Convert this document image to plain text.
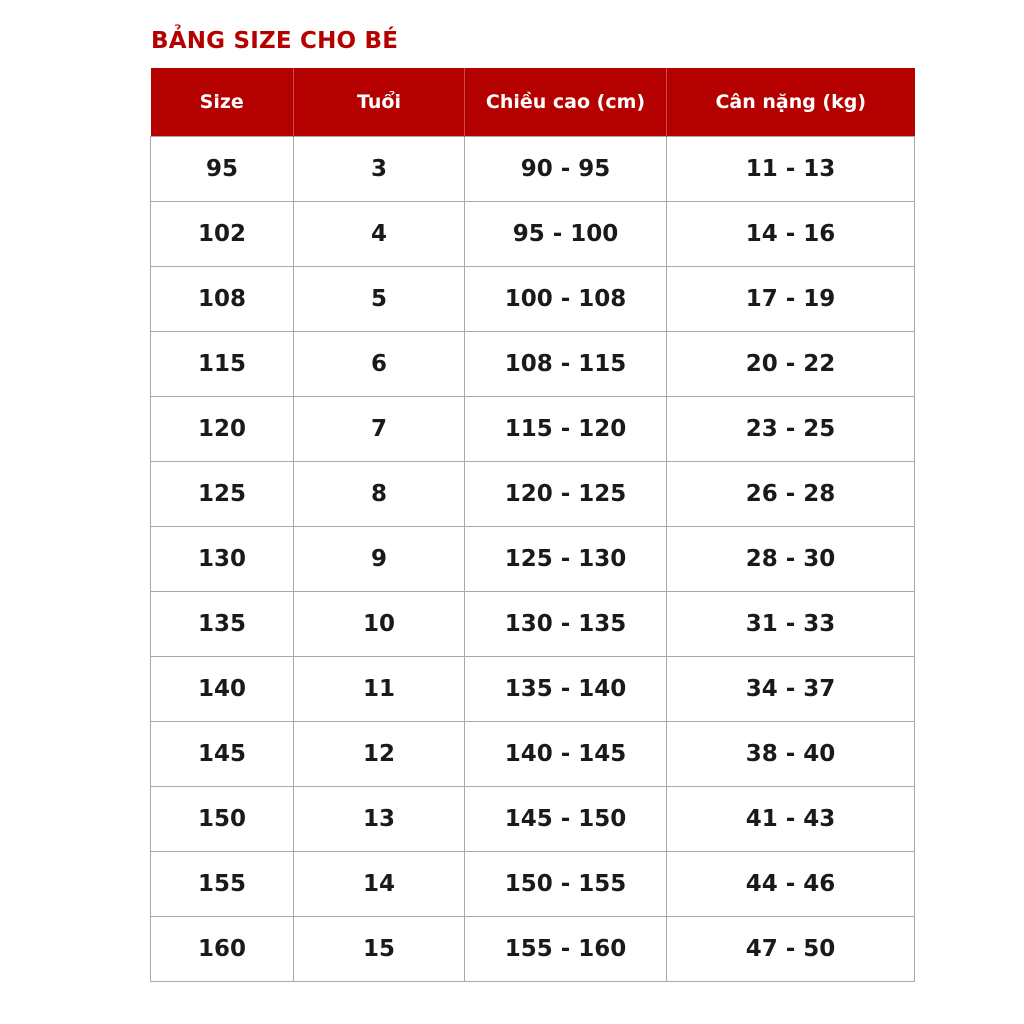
BẢNG SIZE CHO BÉ
Size	Tuổi	Chiều cao (cm)	Cân nặng (kg)
95	3	90 - 95	11 - 13
102	4	95 - 100	14 - 16
108	5	100 - 108	17 - 19
115	6	108 - 115	20 - 22
120	7	115 - 120	23 - 25
125	8	120 - 125	26 - 28
130	9	125 - 130	28 - 30
135	10	130 - 135	31 - 33
140	11	135 - 140	34 - 37
145	12	140 - 145	38 - 40
150	13	145 - 150	41 - 43
155	14	150 - 155	44 - 46
160	15	155 - 160	47 - 50
